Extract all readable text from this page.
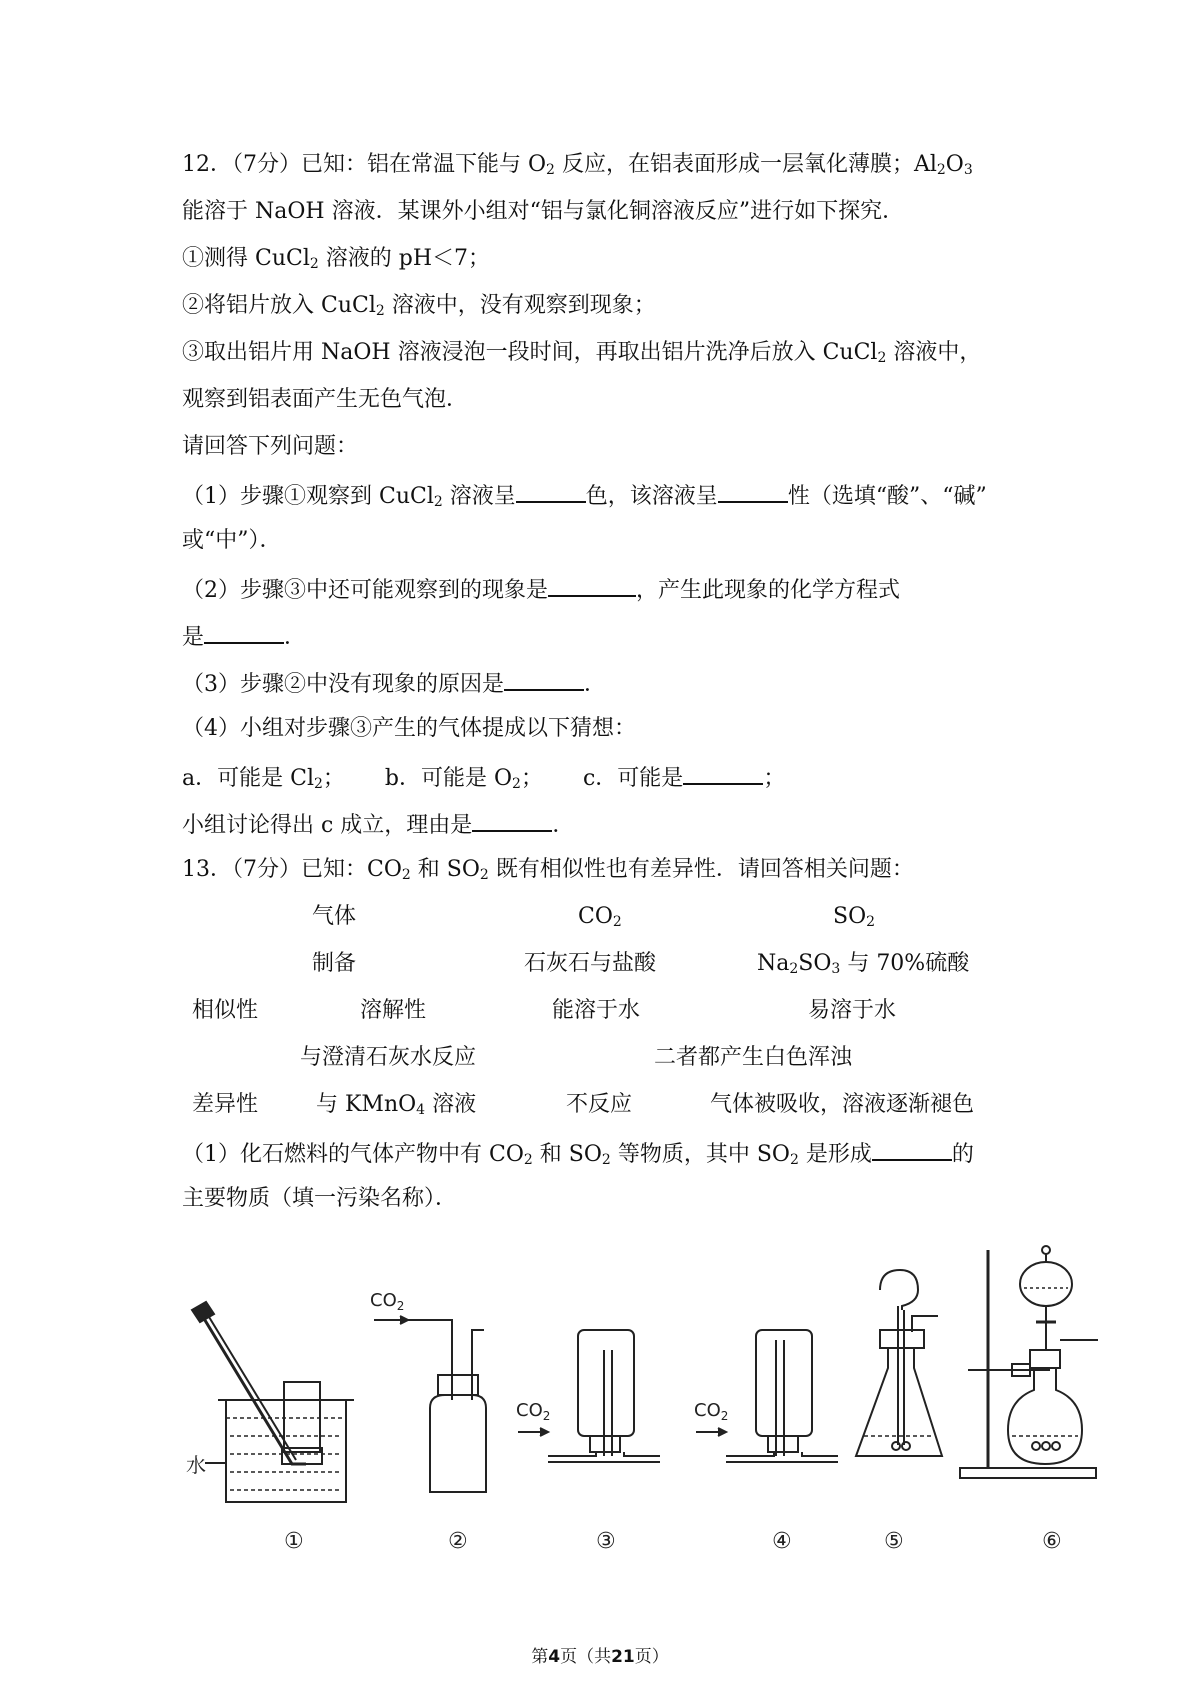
12．（7分）已知：铝在常温下能与 $O_2$ 反应，在铝表面形成一层氧化薄膜；$Al_2O_3$
能溶于 NaOH 溶液．某课外小组对“铝与氯化铜溶液反应”进行如下探究．
①测得 CuCl$_2$ 溶液的 pH＜7；
②将铝片放入 CuCl$_2$ 溶液中，没有观察到现象；
③取出铝片用 NaOH 溶液浸泡一段时间，再取出铝片洗净后放入 CuCl$_2$ 溶液中，
观察到铝表面产生无色气泡．
请回答下列问题：
（1）步骤①观察到 CuCl$_2$ 溶液呈	色，该溶液呈	性（选填“酸”、“碱”
或“中”）．
（2）步骤③中还可能观察到的现象是	，产生此现象的化学方程式
是	．
（3）步骤②中没有现象的原因是	．
（4）小组对步骤③产生的气体提成以下猜想：
a．可能是 $Cl_2$； b．可能是 $O_2$； c．可能是	；
小组讨论得出 c 成立，理由是	．
13．（7分）已知：$CO_2$ 和 $SO_2$ 既有相似性也有差异性．请回答相关问题：
气体	$CO_2$	$SO_2$
制备	石灰石与盐酸	$Na_2SO_3$ 与 70%硫酸
相似性	溶解性	能溶于水	易溶于水
与澄清石灰水反应	二者都产生白色浑浊
差异性	与 KMnO$_4$ 溶液	不反应	气体被吸收，溶液逐渐褪色
（1）化石燃料的气体产物中有 $CO_2$ 和 $SO_2$ 等物质，其中 $SO_2$ 是形成	的
主要物质（填一污染名称）．
水
①
$CO_2$
②
$CO_2$
③
$CO_2$
④	⑤	⑥
第4页（共21页）
